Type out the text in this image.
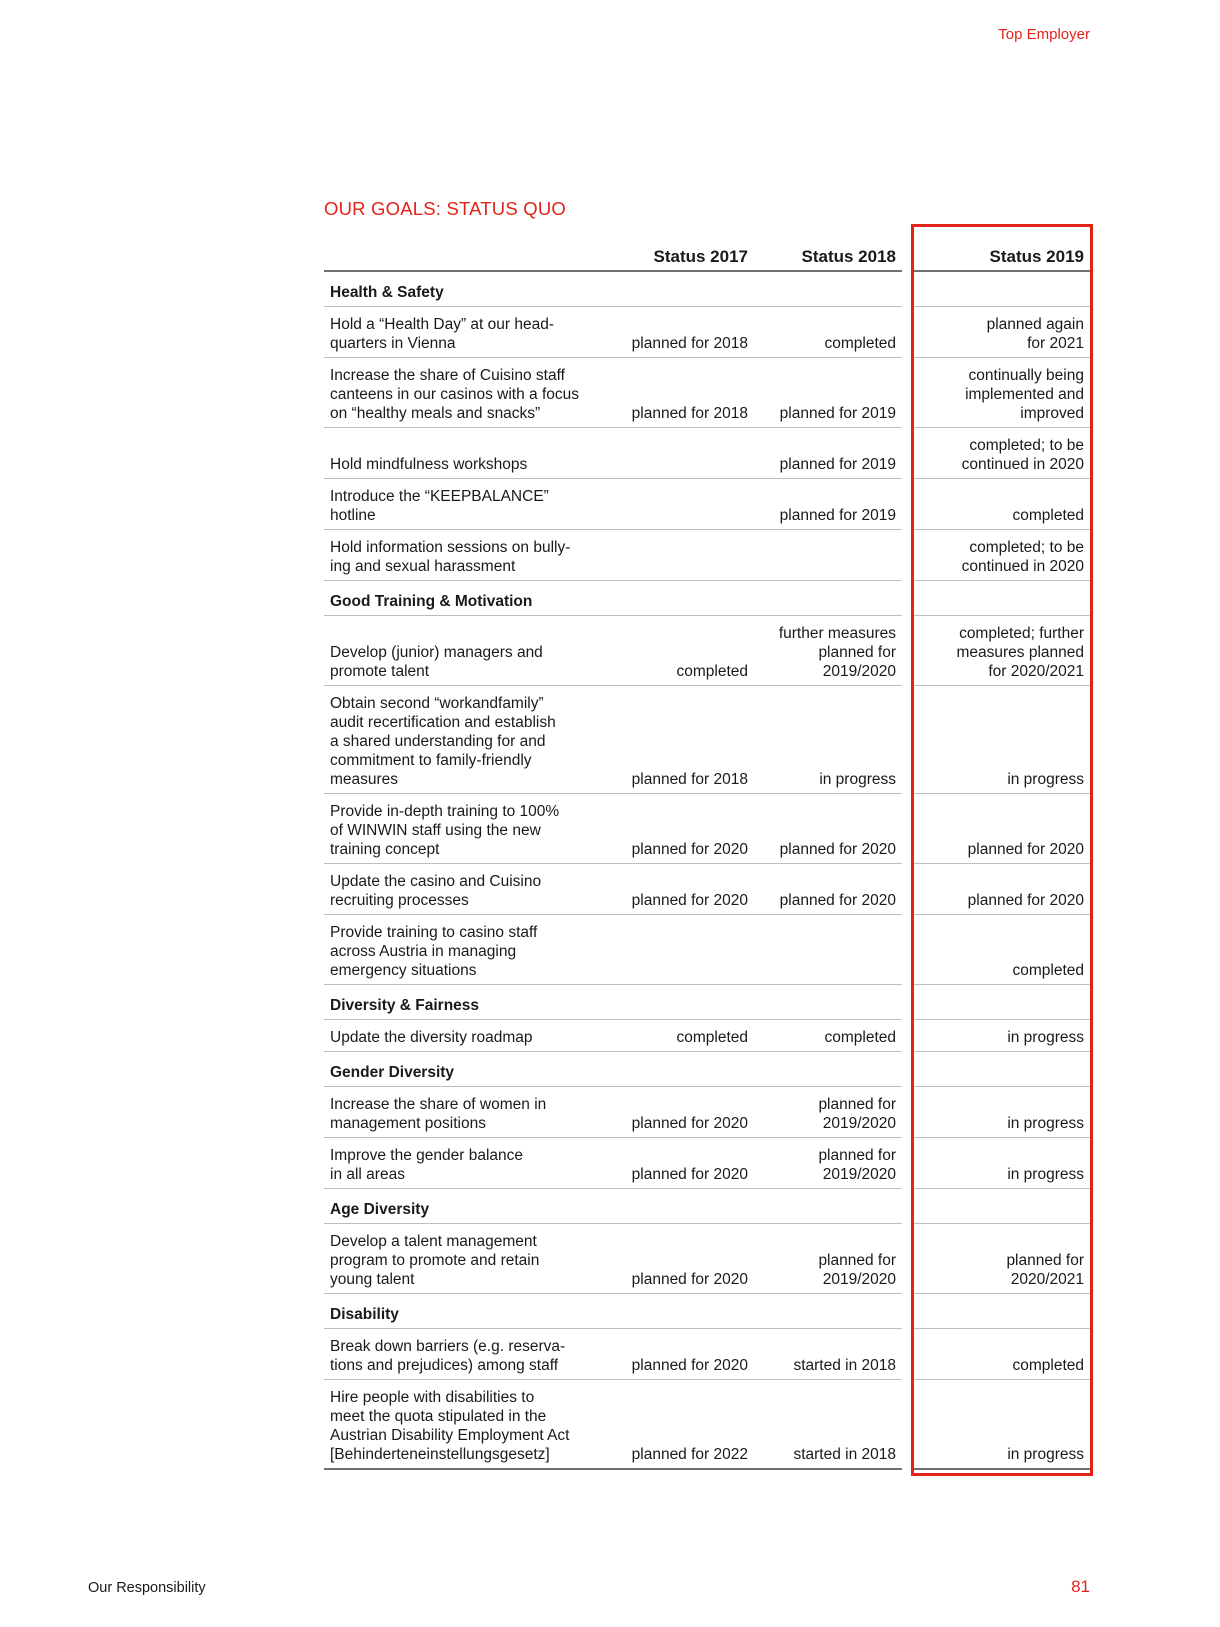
Top Employer
OUR GOALS: STATUS QUO
	Status 2017	Status 2018		Status 2019
Health & Safety				
Hold a “Health Day” at our head-
quarters in Vienna	planned for 2018	completed		planned again
for 2021
Increase the share of Cuisino staff
canteens in our casinos with a focus
on “healthy meals and snacks”	planned for 2018	planned for 2019		continually being
implemented and
improved
Hold mindfulness workshops		planned for 2019		completed; to be
continued in 2020
Introduce the “KEEPBALANCE”
hotline		planned for 2019		completed
Hold information sessions on bully-
ing and sexual harassment				completed; to be
continued in 2020
Good Training & Motivation				
Develop (junior) managers and
promote talent	completed	further measures
planned for
2019/2020		completed; further
measures planned
for 2020/2021
Obtain second “workandfamily”
audit recertification and establish
a shared understanding for and
commitment to family-friendly
measures	planned for 2018	in progress		in progress
Provide in-depth training to 100%
of WINWIN staff using the new
training concept	planned for 2020	planned for 2020		planned for 2020
Update the casino and Cuisino
recruiting processes	planned for 2020	planned for 2020		planned for 2020
Provide training to casino staff
across Austria in managing
emergency situations				completed
Diversity & Fairness				
Update the diversity roadmap	completed	completed		in progress
Gender Diversity				
Increase the share of women in
management positions	planned for 2020	planned for
2019/2020		in progress
Improve the gender balance
in all areas	planned for 2020	planned for
2019/2020		in progress
Age Diversity				
Develop a talent management
program to promote and retain
young talent	planned for 2020	planned for
2019/2020		planned for
2020/2021
Disability				
Break down barriers (e.g. reserva-
tions and prejudices) among staff	planned for 2020	started in 2018		completed
Hire people with disabilities to
meet the quota stipulated in the
Austrian Disability Employment Act
[Behinderteneinstellungsgesetz]	planned for 2022	started in 2018		in progress
Our Responsibility	81
